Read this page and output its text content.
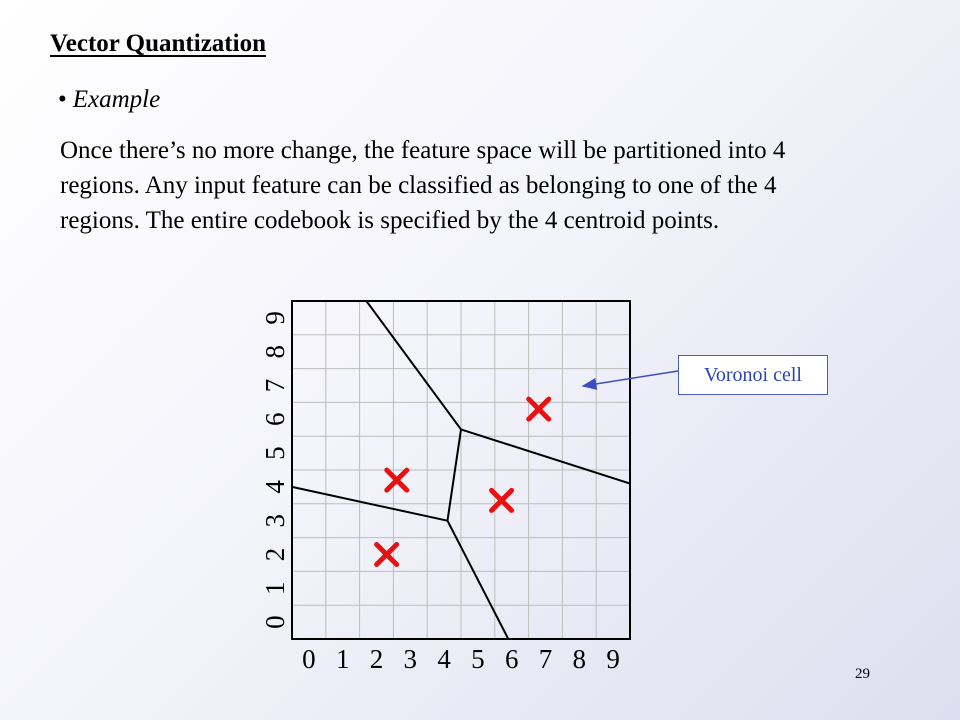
Vector Quantization
• Example
Once there’s no more change, the feature space will be partitioned into 4 regions. Any input feature can be classified as belonging to one of the 4 regions. The entire codebook is specified by the 4 centroid points.
0 1 2 3 4 5 6 7 8 9
0
1
2
3
4
5
6
7
8
9
Voronoi cell
29
